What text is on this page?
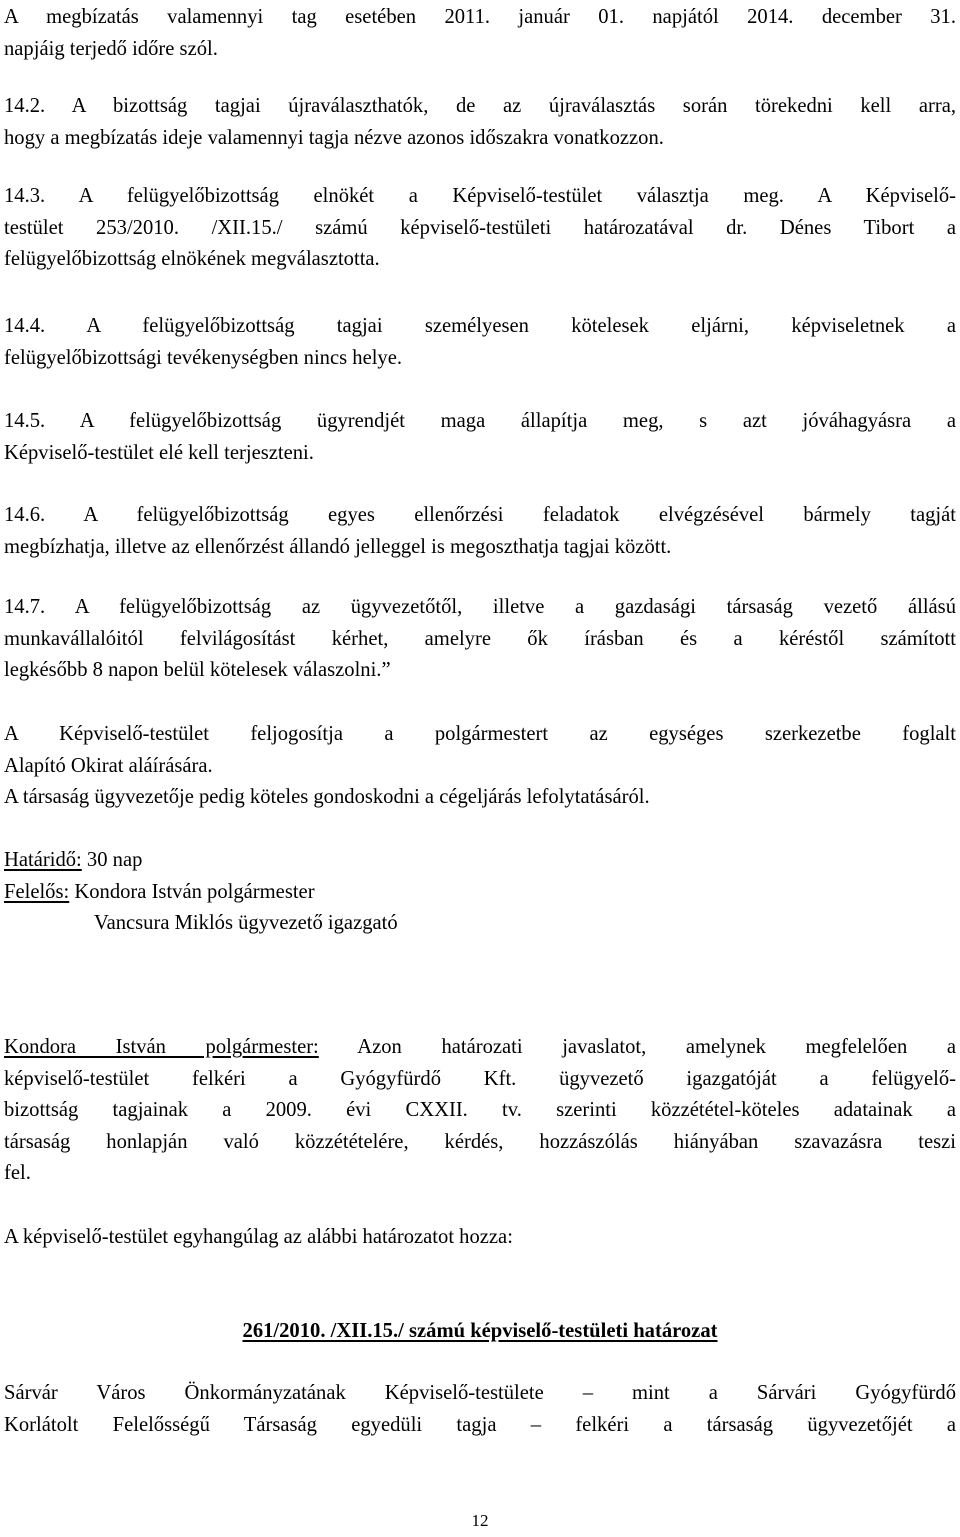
A megbízatás valamennyi tag esetében 2011. január 01. napjától 2014. december 31.
napjáig terjedő időre szól.
14.2. A bizottság tagjai újraválaszthatók, de az újraválasztás során törekedni kell arra,
hogy a megbízatás ideje valamennyi tagja nézve azonos időszakra vonatkozzon.
14.3. A felügyelőbizottság elnökét a Képviselő-testület választja meg. A Képviselő-
testület 253/2010. /XII.15./ számú képviselő-testületi határozatával dr. Dénes Tibort a
felügyelőbizottság elnökének megválasztotta.
14.4. A felügyelőbizottság tagjai személyesen kötelesek eljárni, képviseletnek a
felügyelőbizottsági tevékenységben nincs helye.
14.5. A felügyelőbizottság ügyrendjét maga állapítja meg, s azt jóváhagyásra a
Képviselő-testület elé kell terjeszteni.
14.6. A felügyelőbizottság egyes ellenőrzési feladatok elvégzésével bármely tagját
megbízhatja, illetve az ellenőrzést állandó jelleggel is megoszthatja tagjai között.
14.7. A felügyelőbizottság az ügyvezetőtől, illetve a gazdasági társaság vezető állású
munkavállalóitól felvilágosítást kérhet, amelyre ők írásban és a kéréstől számított
legkésőbb 8 napon belül kötelesek válaszolni.”
A Képviselő-testület feljogosítja a polgármestert az egységes szerkezetbe foglalt
Alapító Okirat aláírására.
A társaság ügyvezetője pedig köteles gondoskodni a cégeljárás lefolytatásáról.
Határidő: 30 nap
Felelős: Kondora István polgármester
Vancsura Miklós ügyvezető igazgató
Kondora István polgármester: Azon határozati javaslatot, amelynek megfelelően a
képviselő-testület felkéri a Gyógyfürdő Kft. ügyvezető igazgatóját a felügyelő-
bizottság tagjainak a 2009. évi CXXII. tv. szerinti közzététel-köteles adatainak a
társaság honlapján való közzétételére, kérdés, hozzászólás hiányában szavazásra teszi
fel.
A képviselő-testület egyhangúlag az alábbi határozatot hozza:
261/2010. /XII.15./ számú képviselő-testületi határozat
Sárvár Város Önkormányzatának Képviselő-testülete – mint a Sárvári Gyógyfürdő
Korlátolt Felelősségű Társaság egyedüli tagja – felkéri a társaság ügyvezetőjét a
12
